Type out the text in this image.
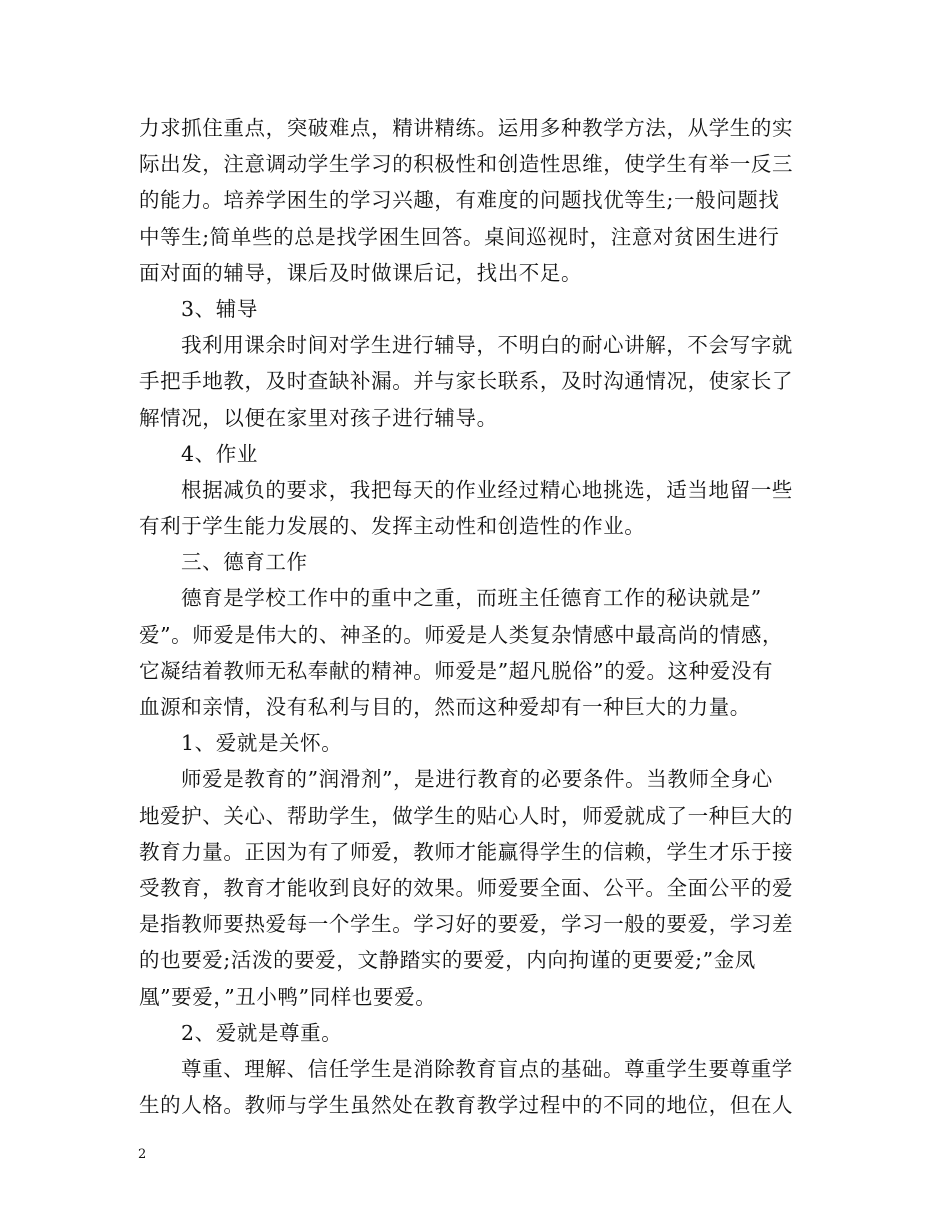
力求抓住重点，突破难点，精讲精练。运用多种教学方法，从学生的实
际出发，注意调动学生学习的积极性和创造性思维，使学生有举一反三
的能力。培养学困生的学习兴趣，有难度的问题找优等生;一般问题找
中等生;简单些的总是找学困生回答。桌间巡视时，注意对贫困生进行
面对面的辅导，课后及时做课后记，找出不足。
3、辅导
我利用课余时间对学生进行辅导，不明白的耐心讲解，不会写字就
手把手地教，及时查缺补漏。并与家长联系，及时沟通情况，使家长了
解情况，以便在家里对孩子进行辅导。
4、作业
根据减负的要求，我把每天的作业经过精心地挑选，适当地留一些
有利于学生能力发展的、发挥主动性和创造性的作业。
三、德育工作
德育是学校工作中的重中之重，而班主任德育工作的秘诀就是”
爱”。师爱是伟大的、神圣的。师爱是人类复杂情感中最高尚的情感，
它凝结着教师无私奉献的精神。师爱是”超凡脱俗”的爱。这种爱没有
血源和亲情，没有私利与目的，然而这种爱却有一种巨大的力量。
1、爱就是关怀。
师爱是教育的”润滑剂”，是进行教育的必要条件。当教师全身心
地爱护、关心、帮助学生，做学生的贴心人时，师爱就成了一种巨大的
教育力量。正因为有了师爱，教师才能赢得学生的信赖，学生才乐于接
受教育，教育才能收到良好的效果。师爱要全面、公平。全面公平的爱
是指教师要热爱每一个学生。学习好的要爱，学习一般的要爱，学习差
的也要爱;活泼的要爱，文静踏实的要爱，内向拘谨的更要爱;”金凤
凰”要爱，”丑小鸭”同样也要爱。
2、爱就是尊重。
尊重、理解、信任学生是消除教育盲点的基础。尊重学生要尊重学
生的人格。教师与学生虽然处在教育教学过程中的不同的地位，但在人
2
